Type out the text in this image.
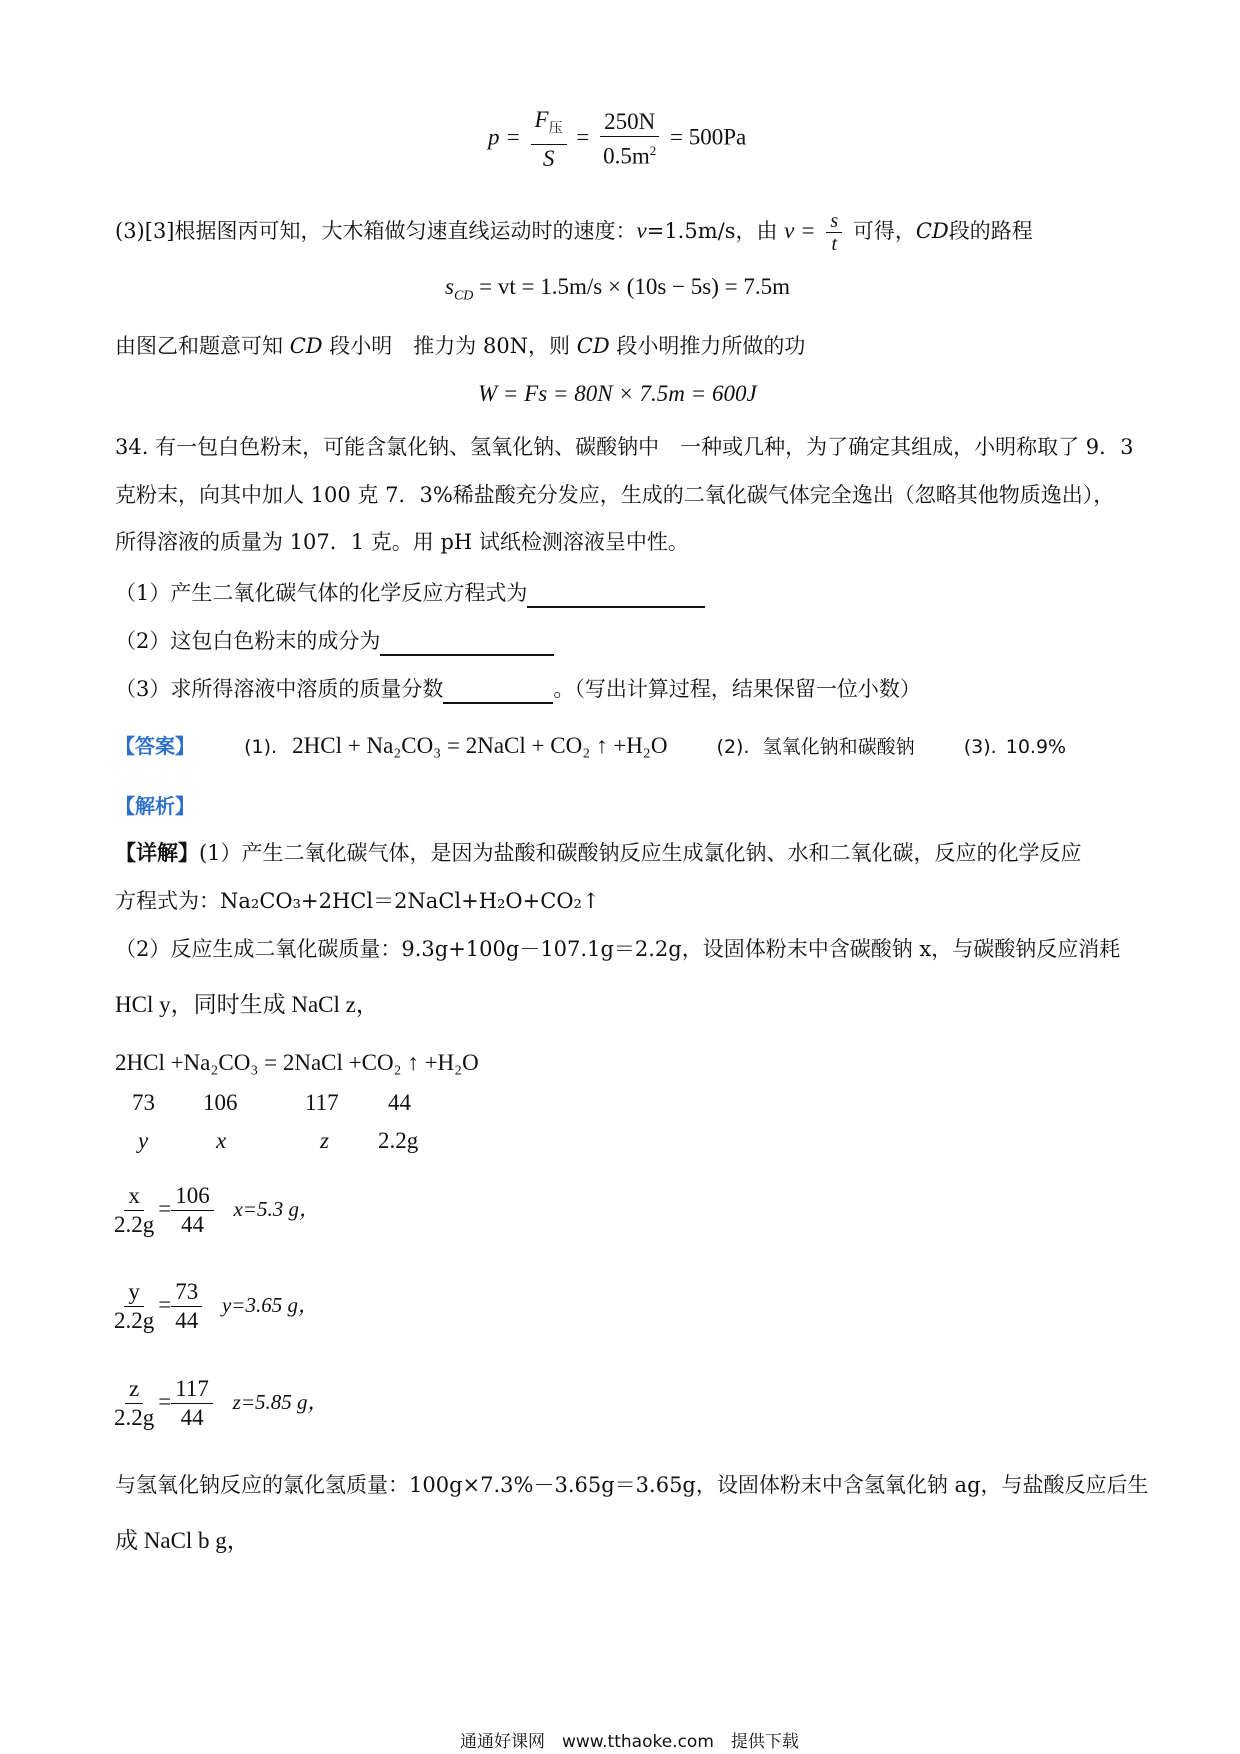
$p = \frac{F_压}{S} = \frac{250N}{0.5m^2} = 500Pa$
(3)[3]根据图丙可知，大木箱做匀速直线运动时的速度：v=1.5m/s，由 $v = \frac{s}{t}$ 可得，CD段的路程
$s_{CD}$ = vt = 1.5m/s × (10s − 5s) = 7.5m
由图乙和题意可知 CD 段小明　推力为 80N，则 CD 段小明推力所做的功
W = Fs = 80N × 7.5m = 600J
34. 有一包白色粉末，可能含氯化钠、氢氧化钠、碳酸钠中　一种或几种，为了确定其组成，小明称取了 9．3
克粉末，向其中加人 100 克 7．3%稀盐酸充分发应，生成的二氧化碳气体完全逸出（忽略其他物质逸出），
所得溶液的质量为 107．1 克。用 pH 试纸检测溶液呈中性。
（1）产生二氧化碳气体的化学反应方程式为
（2）这包白色粉末的成分为
（3）求所得溶液中溶质的质量分数	。（写出计算过程，结果保留一位小数）
【答案】	(1). 2HCl + Na₂CO₃ = 2NaCl + CO₂ ↑ +H₂O	(2). 氢氧化钠和碳酸钠	(3). 10.9%
【解析】
【详解】(1）产生二氧化碳气体，是因为盐酸和碳酸钠反应生成氯化钠、水和二氧化碳，反应的化学反应
方程式为：Na₂CO₃+2HCl＝2NaCl+H₂O+CO₂↑
（2）反应生成二氧化碳质量：9.3g+100g－107.1g＝2.2g，设固体粉末中含碳酸钠 x，与碳酸钠反应消耗
HCl y，同时生成 NaCl z，
2HCl +Na₂CO₃ = 2NaCl +CO₂ ↑ +H₂O
73 106	117 44
y	x	z 2.2g
$\frac{x}{2.2g} = \frac{106}{44} x=5.3$ g，
$\frac{y}{2.2g} = \frac{73}{44} y=3.65$ g，
$\frac{z}{2.2g} = \frac{117}{44} z=5.85$ g，
与氢氧化钠反应的氯化氢质量：100g×7.3%－3.65g＝3.65g，设固体粉末中含氢氧化钠 ag，与盐酸反应后生
成 NaCl b g，
通通好课网　www.tthaoke.com　提供下载
